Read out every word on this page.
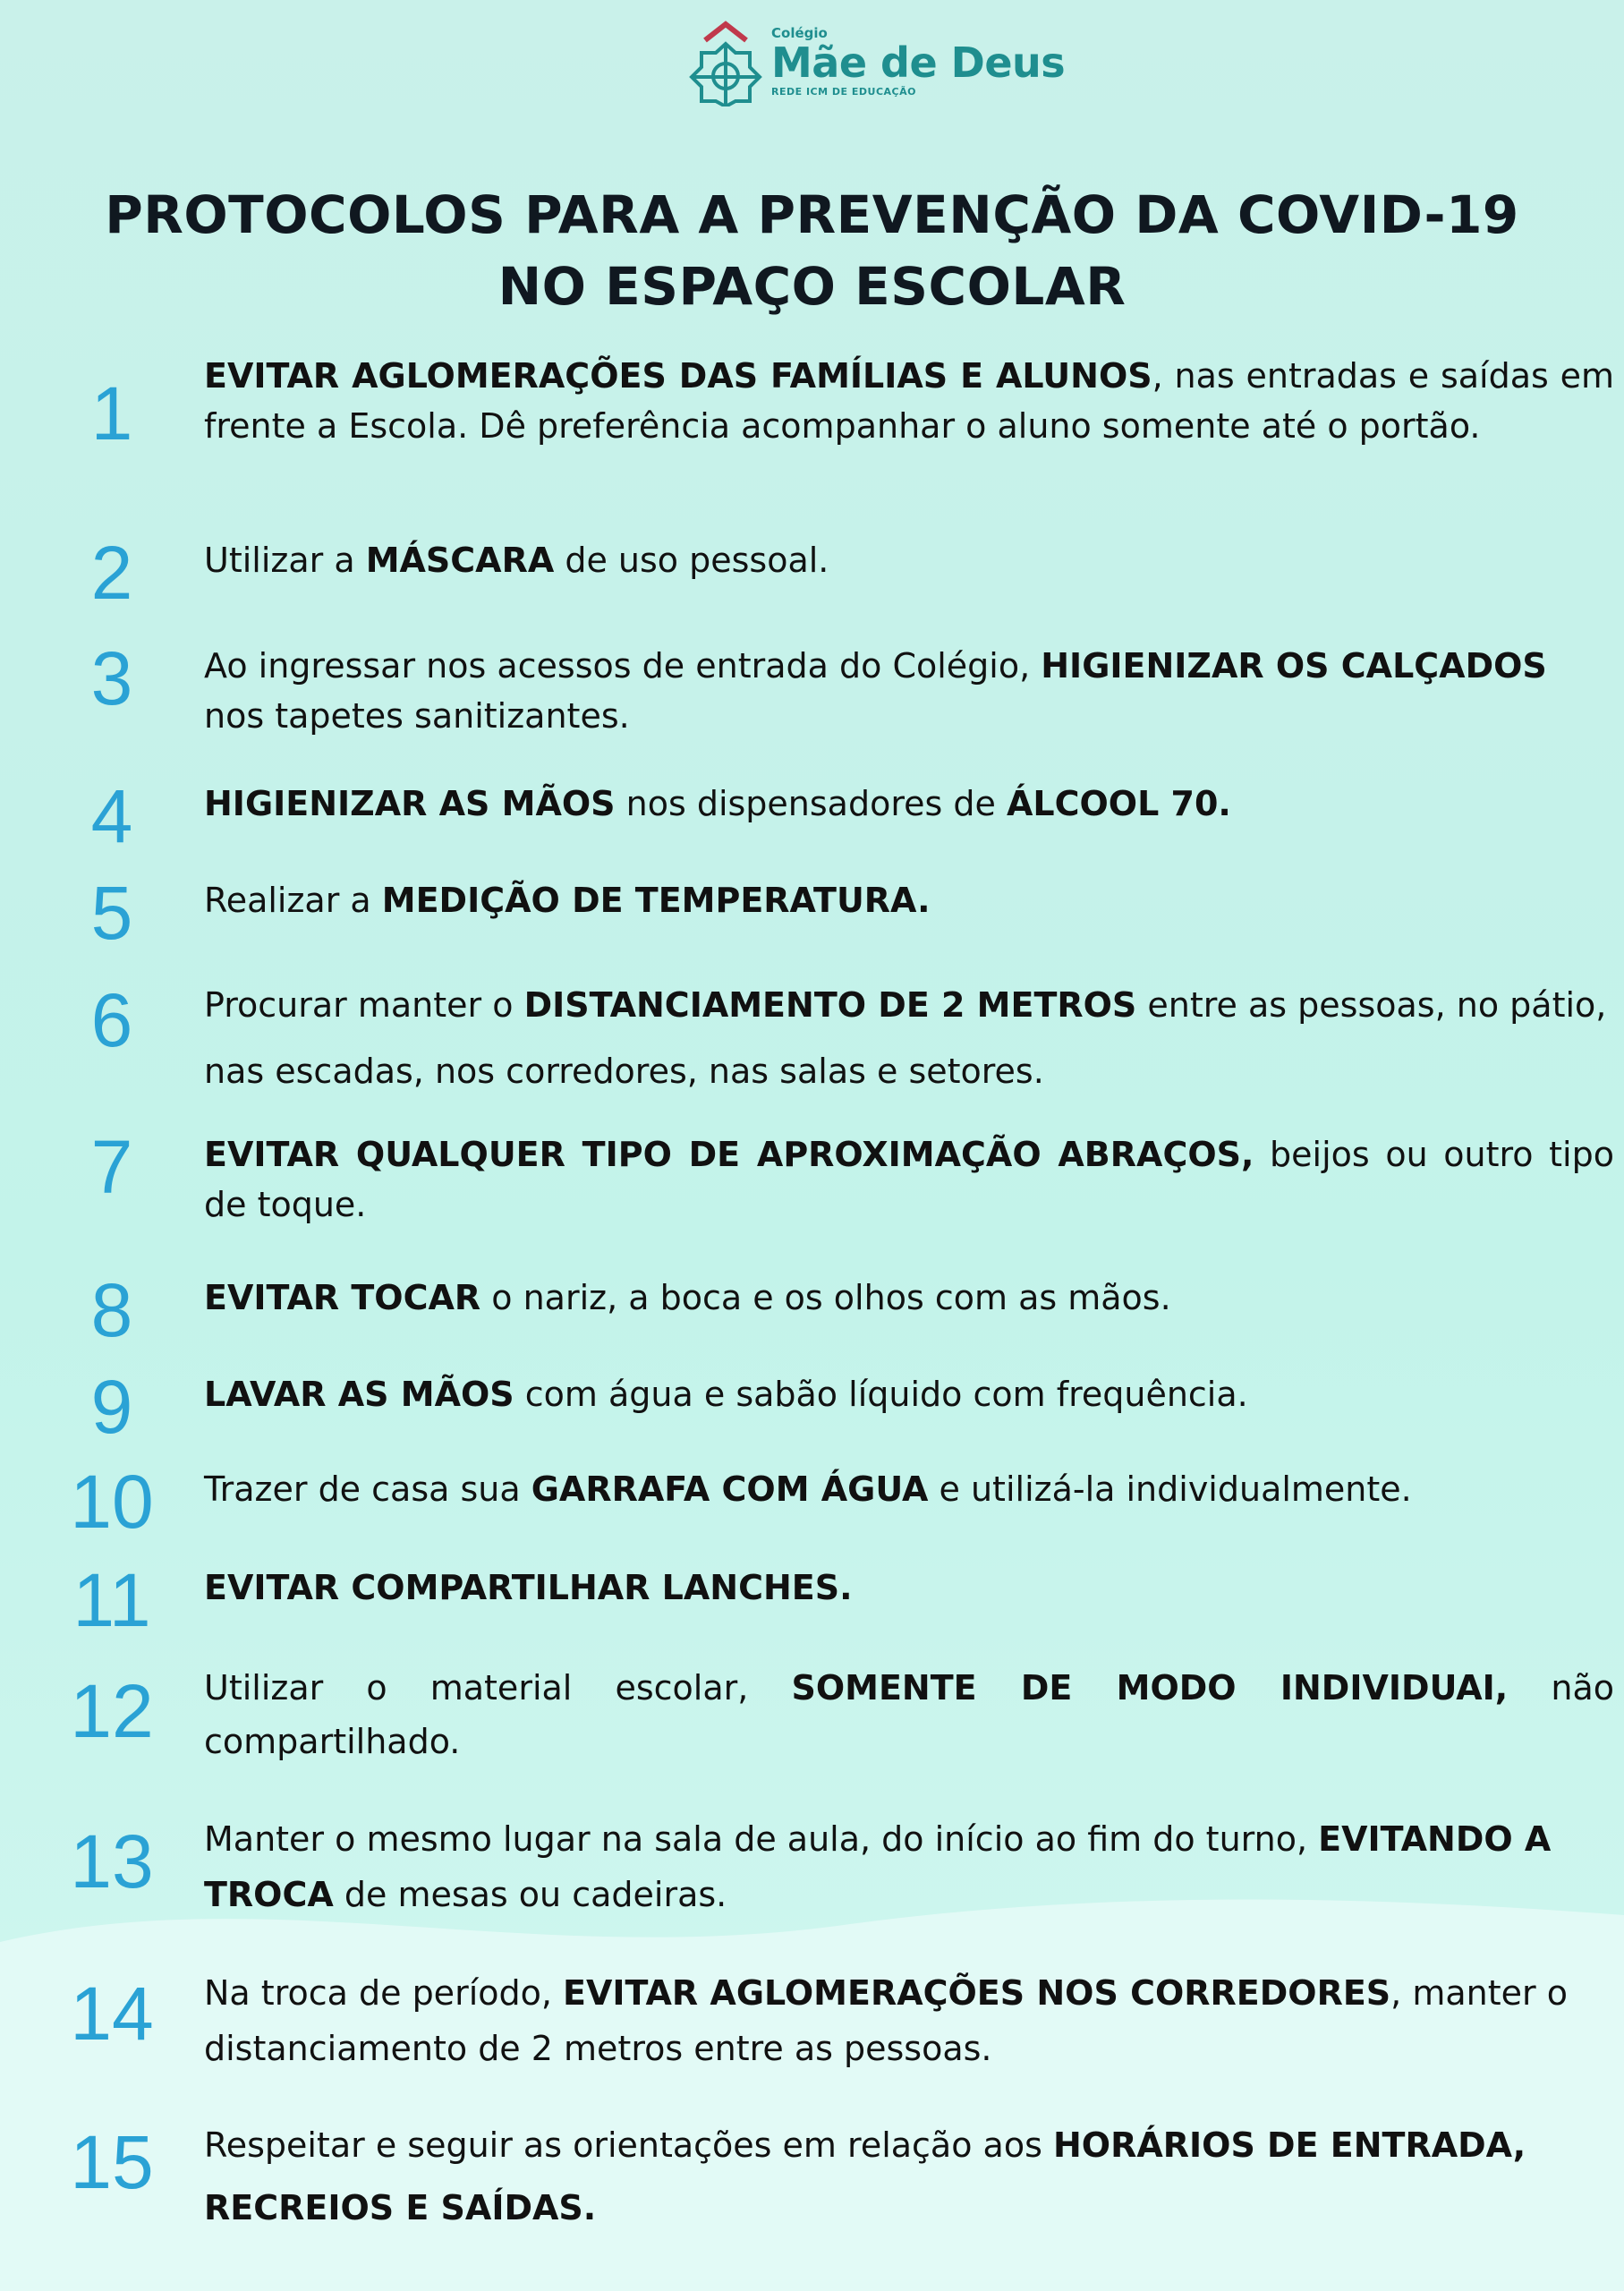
Colégio
Mãe de Deus
REDE ICM DE EDUCAÇÃO
PROTOCOLOS PARA A PREVENÇÃO DA COVID-19
NO ESPAÇO ESCOLAR
1	EVITAR AGLOMERAÇÕES DAS FAMÍLIAS E ALUNOS, nas entradas e saídas em frente a Escola. Dê preferência acompanhar o aluno somente até o portão.
2	Utilizar a MÁSCARA de uso pessoal.
3	Ao ingressar nos acessos de entrada do Colégio, HIGIENIZAR OS CALÇADOS nos tapetes sanitizantes.
4	HIGIENIZAR AS MÃOS nos dispensadores de ÁLCOOL 70.
5	Realizar a MEDIÇÃO DE TEMPERATURA.
6	Procurar manter o DISTANCIAMENTO DE 2 METROS entre as pessoas, no pátio, nas escadas, nos corredores, nas salas e setores.
7	EVITAR QUALQUER TIPO DE APROXIMAÇÃO ABRAÇOS, beijos ou outro tipo de toque.
8	EVITAR TOCAR o nariz, a boca e os olhos com as mãos.
9	LAVAR AS MÃOS com água e sabão líquido com frequência.
10	Trazer de casa sua GARRAFA COM ÁGUA e utilizá-la individualmente.
11	EVITAR COMPARTILHAR LANCHES.
12	Utilizar o material escolar, SOMENTE DE MODO INDIVIDUAI, não compartilhado.
13	Manter o mesmo lugar na sala de aula, do início ao fim do turno, EVITANDO A TROCA de mesas ou cadeiras.
14	Na troca de período, EVITAR AGLOMERAÇÕES NOS CORREDORES, manter o distanciamento de 2 metros entre as pessoas.
15	Respeitar e seguir as orientações em relação aos HORÁRIOS DE ENTRADA, RECREIOS E SAÍDAS.
